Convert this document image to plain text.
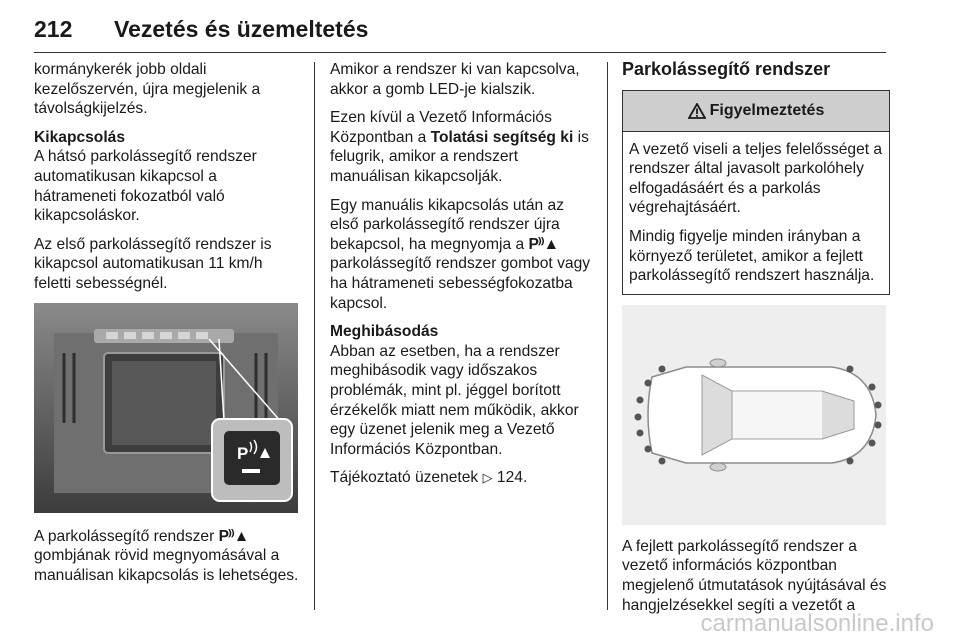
212 Vezetés és üzemeltetés

kormánykerék jobb oldali kezelőszervén, újra megjelenik a távolságkijelzés.

Kikapcsolás

A hátsó parkolássegítő rendszer automatikusan kikapcsol a hátrameneti fokozatból való kikapcsoláskor.

Az első parkolássegítő rendszer is kikapcsol automatikusan 11 km/h feletti sebességnél.

P

A parkolássegítő rendszer P⁾⁾▲ gombjának rövid megnyomásával a manuálisan kikapcsolás is lehetséges.

Amikor a rendszer ki van kapcsolva, akkor a gomb LED-je kialszik.

Ezen kívül a Vezető Információs Központban a Tolatási segítség ki is felugrik, amikor a rendszert manuálisan kikapcsolják.

Egy manuális kikapcsolás után az első parkolássegítő rendszer újra bekapcsol, ha megnyomja a P⁾⁾▲ parkolássegítő rendszer gombot vagy ha hátrameneti sebességfokozatba kapcsol.

Meghibásodás

Abban az esetben, ha a rendszer meghibásodik vagy időszakos problémák, mint pl. jéggel borított érzékelők miatt nem működik, akkor egy üzenet jelenik meg a Vezető Információs Központban.

Tájékoztató üzenetek ▷ 124.

Parkolássegítő rendszer
Figyelmeztetés

A vezető viseli a teljes felelősséget a rendszer által javasolt parkolóhely elfogadásáért és a parkolás végrehajtásáért.

Mindig figyelje minden irányban a környező területet, amikor a fejlett parkolássegítő rendszert használja.

A fejlett parkolássegítő rendszer a vezető információs központban megjelenő útmutatások nyújtásával és hangjelzésekkel segíti a vezetőt a

carmanualsonline.info
